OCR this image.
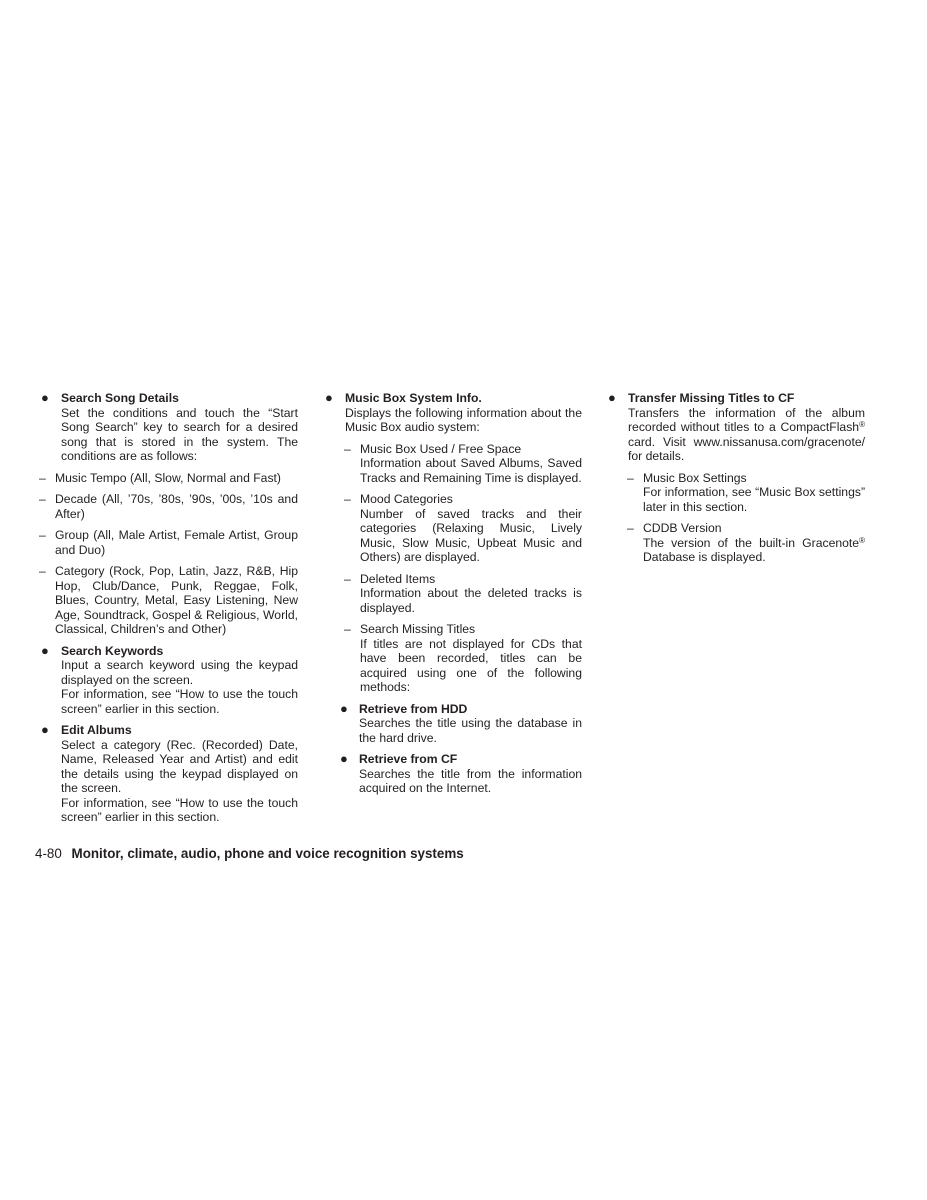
● Search Song Details

Set the conditions and touch the “Start Song Search” key to search for a desired song that is stored in the system. The conditions are as follows:

– Music Tempo (All, Slow, Normal and Fast)

– Decade (All, ’70s, ’80s, ’90s, ’00s, ’10s and After)

– Group (All, Male Artist, Female Artist, Group and Duo)

– Category (Rock, Pop, Latin, Jazz, R&B, Hip Hop, Club/Dance, Punk, Reggae, Folk, Blues, Country, Metal, Easy Listening, New Age, Soundtrack, Gospel & Religious, World, Classical, Children’s and Other)

● Search Keywords

Input a search keyword using the keypad displayed on the screen.

For information, see “How to use the touch screen” earlier in this section.

● Edit Albums

Select a category (Rec. (Recorded) Date, Name, Released Year and Artist) and edit the details using the keypad displayed on the screen.

For information, see “How to use the touch screen” earlier in this section.

● Music Box System Info.

Displays the following information about the Music Box audio system:

– Music Box Used / Free Space

Information about Saved Albums, Saved Tracks and Remaining Time is displayed.

– Mood Categories

Number of saved tracks and their categories (Relaxing Music, Lively Music, Slow Music, Upbeat Music and Others) are displayed.

– Deleted Items

Information about the deleted tracks is displayed.

– Search Missing Titles

If titles are not displayed for CDs that have been recorded, titles can be acquired using one of the following methods:

● Retrieve from HDD

Searches the title using the database in the hard drive.

● Retrieve from CF

Searches the title from the information acquired on the Internet.

● Transfer Missing Titles to CF

Transfers the information of the album recorded without titles to a CompactFlash® card. Visit www.nissanusa.com/gracenote/ for details.

– Music Box Settings

For information, see “Music Box settings” later in this section.

– CDDB Version

The version of the built-in Gracenote® Database is displayed.

4-80 Monitor, climate, audio, phone and voice recognition systems
